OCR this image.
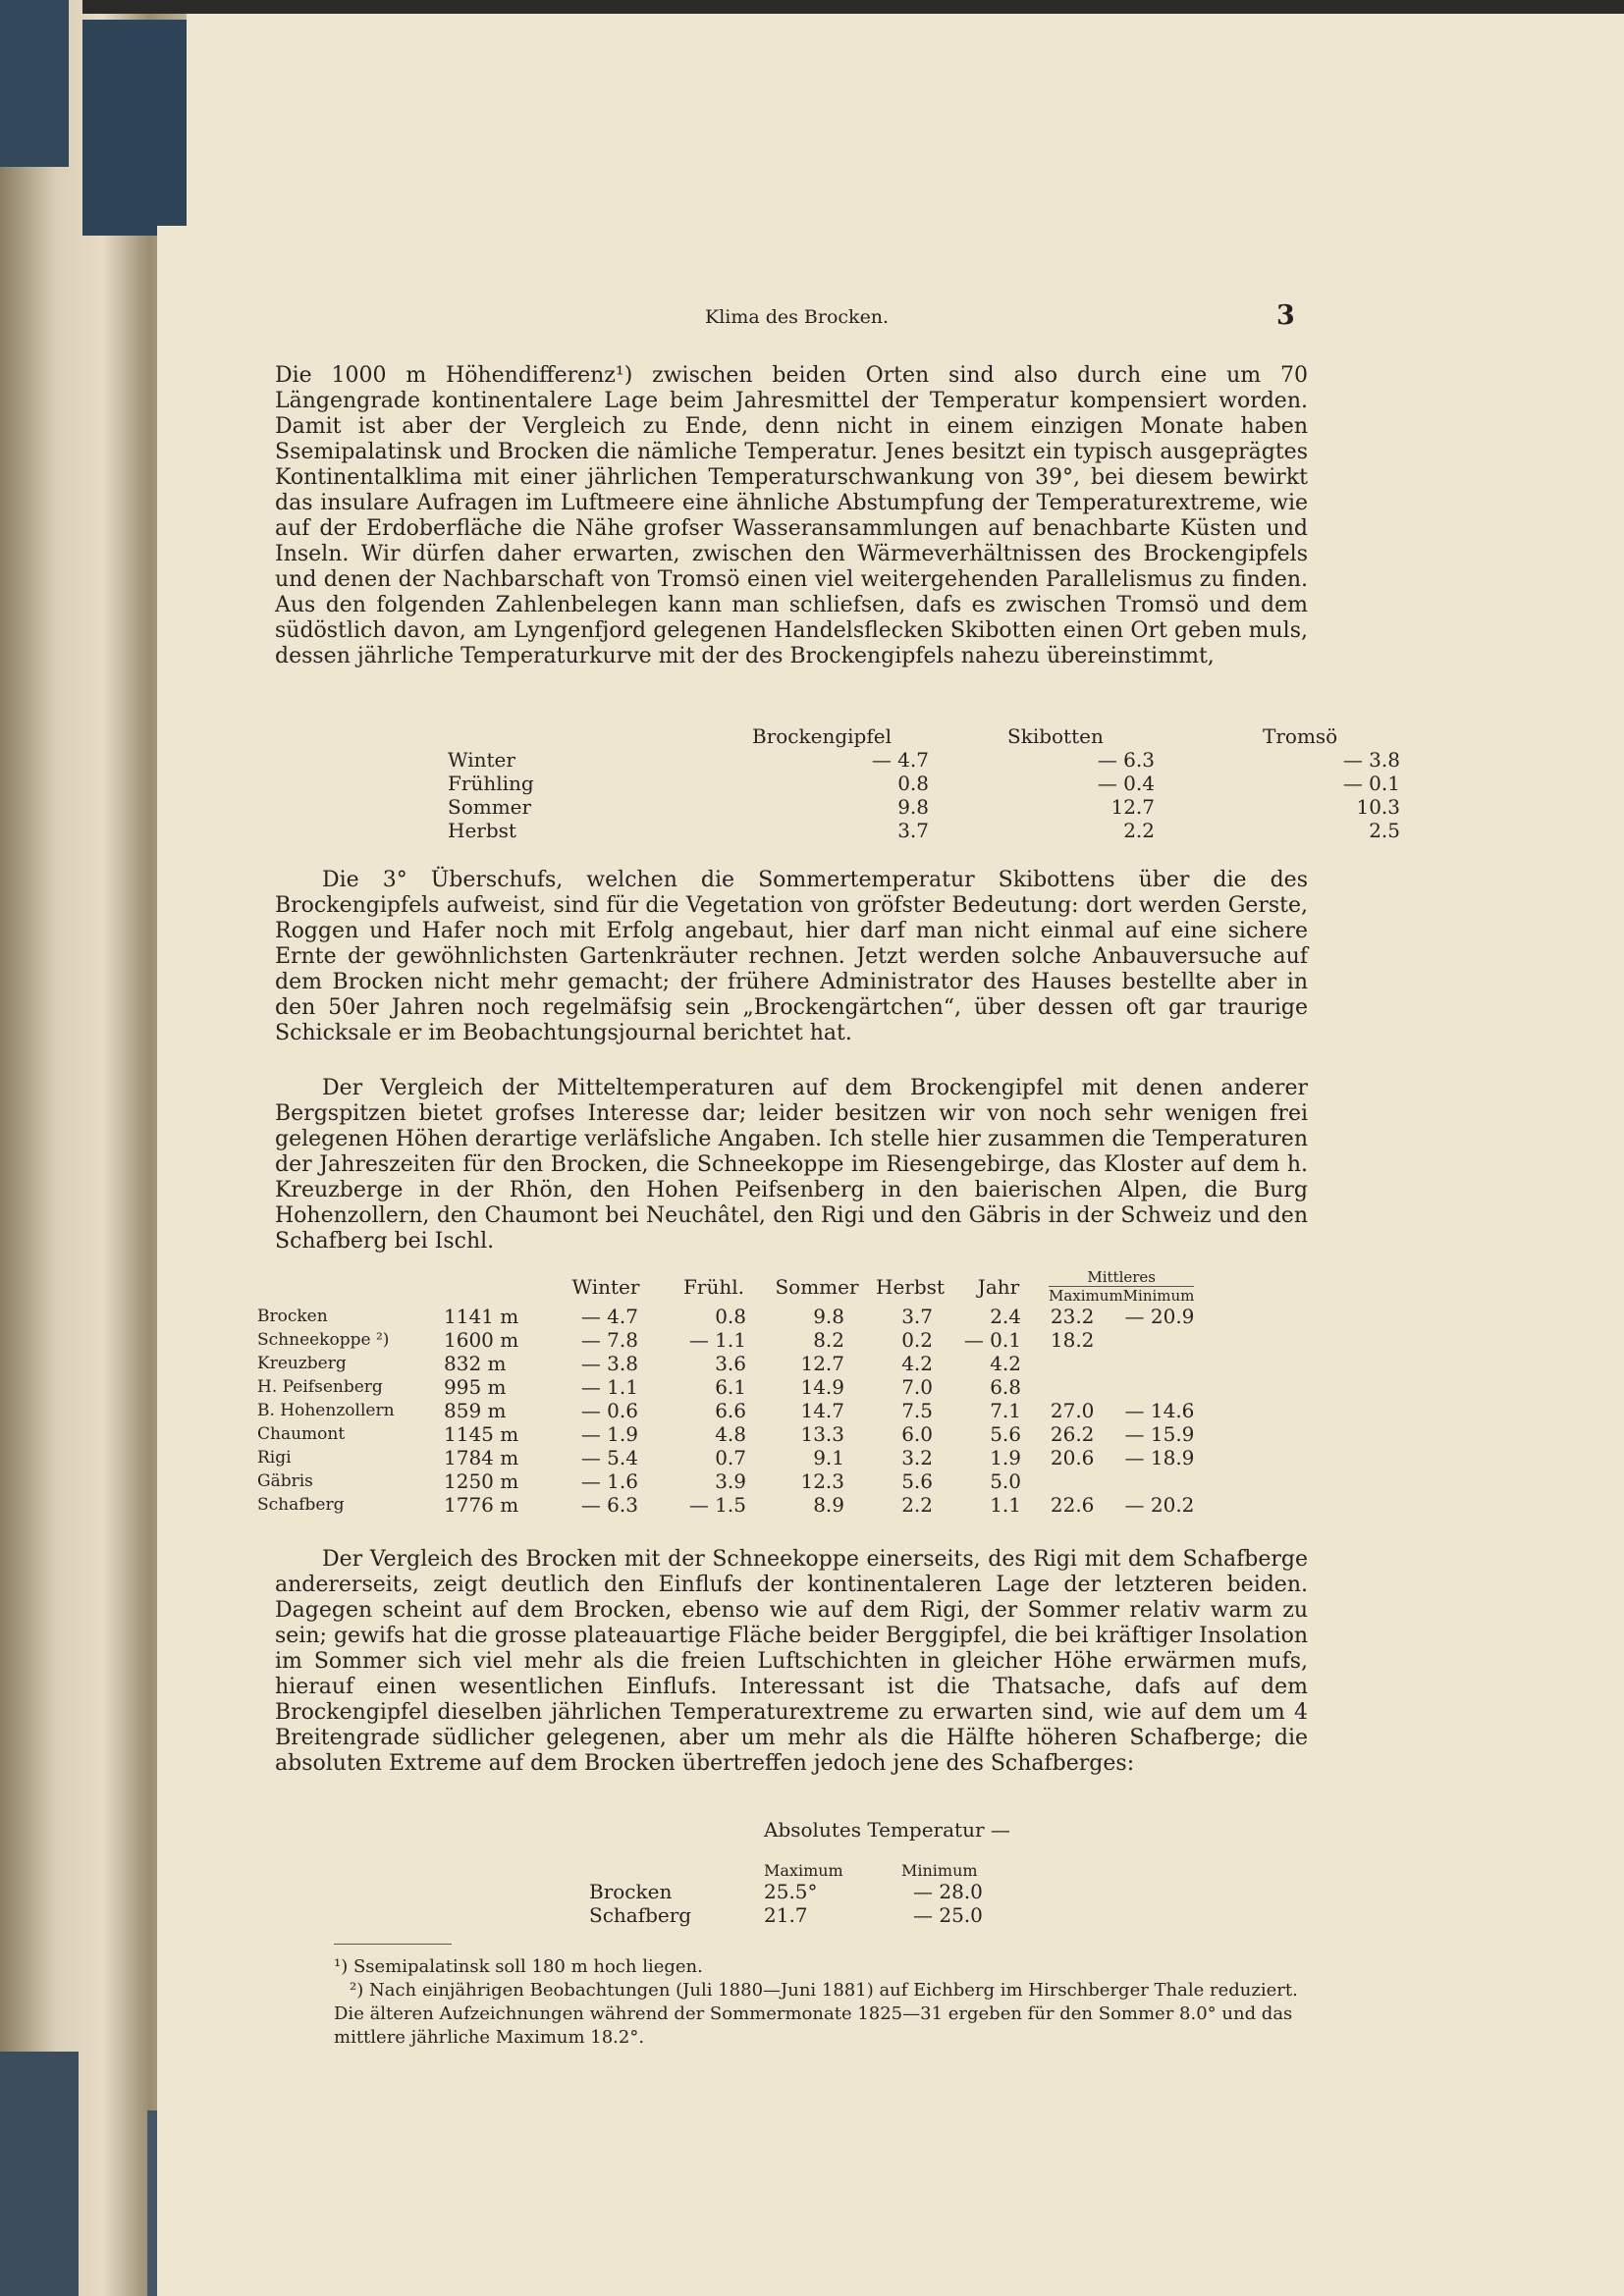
Klima des Brocken.	3

Die 1000 m Höhendifferenz¹) zwischen beiden Orten sind also durch eine um 70 Längengrade kontinentalere Lage beim Jahresmittel der Temperatur kompensiert worden. Damit ist aber der Vergleich zu Ende, denn nicht in einem einzigen Monate haben Ssemipalatinsk und Brocken die nämliche Temperatur. Jenes besitzt ein typisch ausgeprägtes Kontinentalklima mit einer jährlichen Temperaturschwankung von 39°, bei diesem bewirkt das insulare Aufragen im Luftmeere eine ähnliche Abstumpfung der Temperaturextreme, wie auf der Erdoberfläche die Nähe grofser Wasseransammlungen auf benachbarte Küsten und Inseln. Wir dürfen daher erwarten, zwischen den Wärmeverhältnissen des Brockengipfels und denen der Nachbarschaft von Tromsö einen viel weitergehenden Parallelismus zu finden. Aus den folgenden Zahlenbelegen kann man schliefsen, dafs es zwischen Tromsö und dem südöstlich davon, am Lyngenfjord gelegenen Handelsflecken Skibotten einen Ort geben muls, dessen jährliche Temperaturkurve mit der des Brockengipfels nahezu übereinstimmt,

	Brockengipfel	Skibotten	Tromsö
Winter	— 4.7	— 6.3	— 3.8
Frühling	0.8	— 0.4	— 0.1
Sommer	9.8	12.7	10.3
Herbst	3.7	2.2	2.5

Die 3° Überschufs, welchen die Sommertemperatur Skibottens über die des Brockengipfels aufweist, sind für die Vegetation von gröfster Bedeutung: dort werden Gerste, Roggen und Hafer noch mit Erfolg angebaut, hier darf man nicht einmal auf eine sichere Ernte der gewöhnlichsten Gartenkräuter rechnen. Jetzt werden solche Anbauversuche auf dem Brocken nicht mehr gemacht; der frühere Administrator des Hauses bestellte aber in den 50er Jahren noch regelmäfsig sein „Brockengärtchen“, über dessen oft gar traurige Schicksale er im Beobachtungsjournal berichtet hat.

Der Vergleich der Mitteltemperaturen auf dem Brockengipfel mit denen anderer Bergspitzen bietet grofses Interesse dar; leider besitzen wir von noch sehr wenigen frei gelegenen Höhen derartige verläfsliche Angaben. Ich stelle hier zusammen die Temperaturen der Jahreszeiten für den Brocken, die Schneekoppe im Riesengebirge, das Kloster auf dem h. Kreuzberge in der Rhön, den Hohen Peifsenberg in den baierischen Alpen, die Burg Hohenzollern, den Chaumont bei Neuchâtel, den Rigi und den Gäbris in der Schweiz und den Schafberg bei Ischl.

		Winter	Frühl.	Sommer	Herbst	Jahr	Mittleres
Maximum Minimum	

Brocken	1141 m	— 4.7	0.8	9.8	3.7	2.4	23.2	— 20.9
Schneekoppe ²)	1600 m	— 7.8	— 1.1	8.2	0.2	— 0.1	18.2	
Kreuzberg	832 m	— 3.8	3.6	12.7	4.2	4.2		
H. Peifsenberg	995 m	— 1.1	6.1	14.9	7.0	6.8		
B. Hohenzollern	859 m	— 0.6	6.6	14.7	7.5	7.1	27.0	— 14.6
Chaumont	1145 m	— 1.9	4.8	13.3	6.0	5.6	26.2	— 15.9
Rigi	1784 m	— 5.4	0.7	9.1	3.2	1.9	20.6	— 18.9
Gäbris	1250 m	— 1.6	3.9	12.3	5.6	5.0		
Schafberg	1776 m	— 6.3	— 1.5	8.9	2.2	1.1	22.6	— 20.2

Der Vergleich des Brocken mit der Schneekoppe einerseits, des Rigi mit dem Schafberge andererseits, zeigt deutlich den Einflufs der kontinentaleren Lage der letzteren beiden. Dagegen scheint auf dem Brocken, ebenso wie auf dem Rigi, der Sommer relativ warm zu sein; gewifs hat die grosse plateauartige Fläche beider Berggipfel, die bei kräftiger Insolation im Sommer sich viel mehr als die freien Luftschichten in gleicher Höhe erwärmen mufs, hierauf einen wesentlichen Einflufs. Interessant ist die Thatsache, dafs auf dem Brockengipfel dieselben jährlichen Temperaturextreme zu erwarten sind, wie auf dem um 4 Breitengrade südlicher gelegenen, aber um mehr als die Hälfte höheren Schafberge; die absoluten Extreme auf dem Brocken übertreffen jedoch jene des Schafberges:

	Absolutes Temperatur —	
	Maximum	Minimum
Brocken	25.5°	— 28.0
Schafberg	21.7	— 25.0

¹) Ssemipalatinsk soll 180 m hoch liegen.

²) Nach einjährigen Beobachtungen (Juli 1880—Juni 1881) auf Eichberg im Hirschberger Thale reduziert. Die älteren Aufzeichnungen während der Sommermonate 1825—31 ergeben für den Sommer 8.0° und das mittlere jährliche Maximum 18.2°.
